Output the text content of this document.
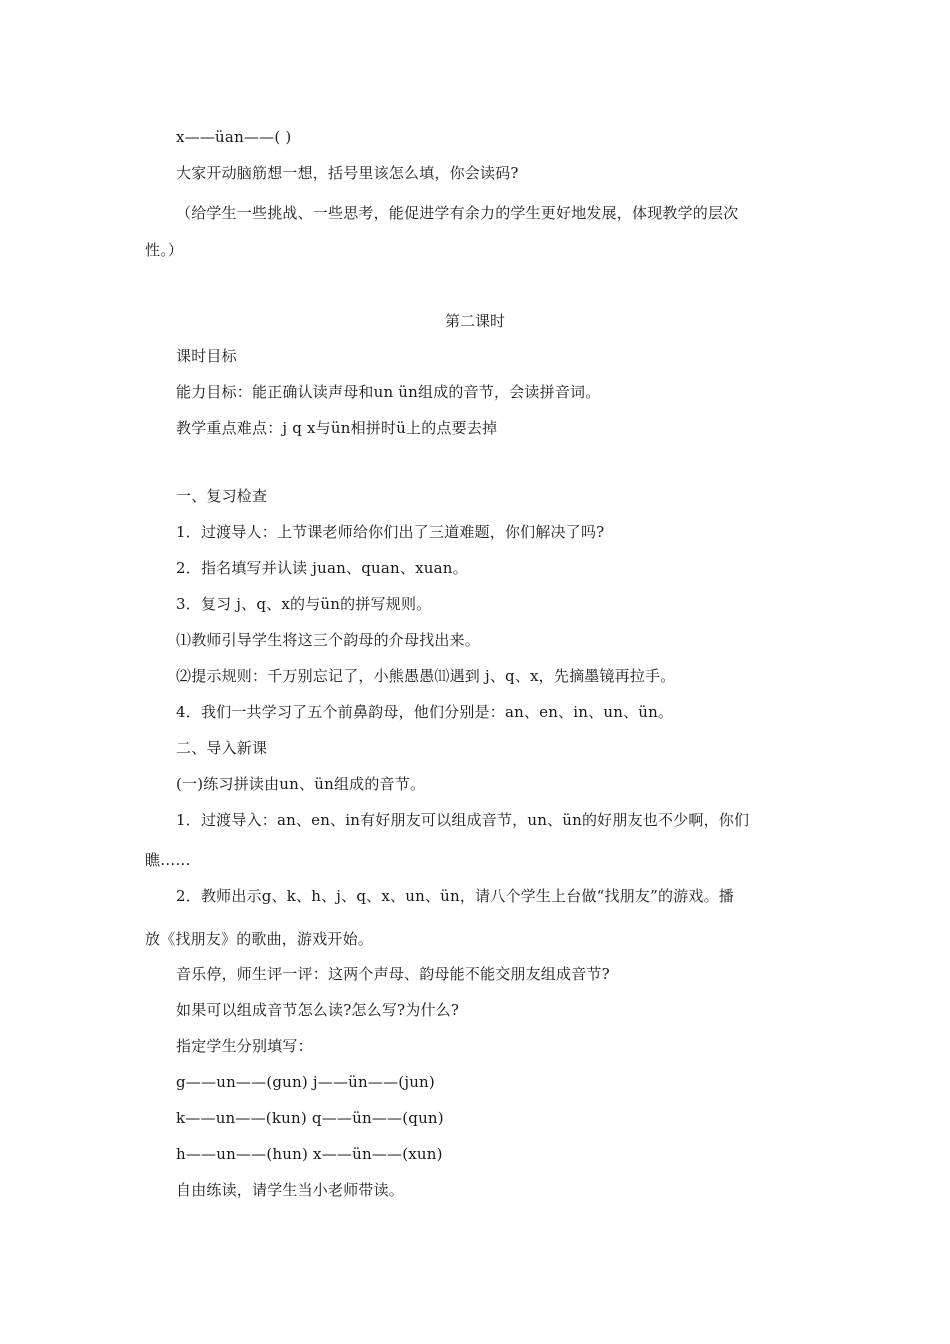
x——üan——( )
大家开动脑筋想一想，括号里该怎么填，你会读码?
（给学生一些挑战、一些思考，能促进学有余力的学生更好地发展，体现教学的层次
性。）
第二课时
课时目标
能力目标：能正确认读声母和un ün组成的音节，会读拼音词。
教学重点难点：j q x与ün相拼时ü上的点要去掉
一、复习检查
1．过渡导人：上节课老师给你们出了三道难题，你们解决了吗?
2．指名填写并认读 juan、quan、xuan。
3．复习 j、q、x的与ün的拼写规则。
⑴教师引导学生将这三个韵母的介母找出来。
⑵提示规则：千万别忘记了，小熊愚愚⑾遇到 j、q、x，先摘墨镜再拉手。
4．我们一共学习了五个前鼻韵母，他们分别是：an、en、in、un、ün。
二、导入新课
(一)练习拼读由un、ün组成的音节。
1．过渡导入：an、en、in有好朋友可以组成音节，un、ün的好朋友也不少啊，你们
瞧……
2．教师出示g、k、h、j、q、x、un、ün，请八个学生上台做“找朋友”的游戏。播
放《找朋友》的歌曲，游戏开始。
音乐停，师生评一评：这两个声母、韵母能不能交朋友组成音节?
如果可以组成音节怎么读?怎么写?为什么?
指定学生分别填写：
g——un——(gun) j——ün——(jun)
k——un——(kun) q——ün——(qun)
h——un——(hun) x——ün——(xun)
自由练读，请学生当小老师带读。
